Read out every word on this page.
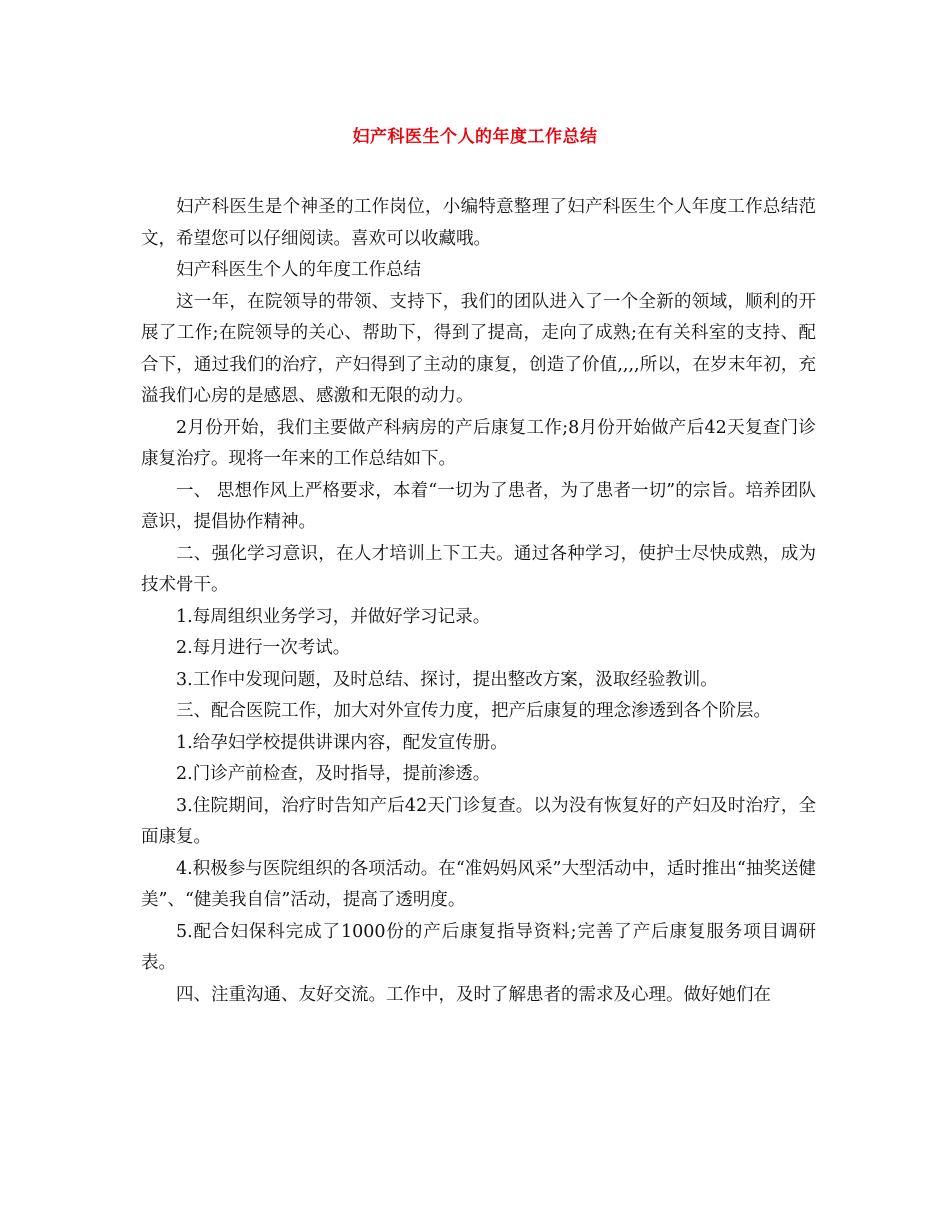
妇产科医生个人的年度工作总结

妇产科医生是个神圣的工作岗位，小编特意整理了妇产科医生个人年度工作总结范文，希望您可以仔细阅读。喜欢可以收藏哦。

妇产科医生个人的年度工作总结

这一年，在院领导的带领、支持下，我们的团队进入了一个全新的领域，顺利的开展了工作;在院领导的关心、帮助下，得到了提高，走向了成熟;在有关科室的支持、配合下，通过我们的治疗，产妇得到了主动的康复，创造了价值,,,,所以，在岁末年初，充溢我们心房的是感恩、感激和无限的动力。

2月份开始，我们主要做产科病房的产后康复工作;8月份开始做产后42天复查门诊康复治疗。现将一年来的工作总结如下。

一、 思想作风上严格要求，本着“一切为了患者，为了患者一切”的宗旨。培养团队意识，提倡协作精神。

二、强化学习意识，在人才培训上下工夫。通过各种学习，使护士尽快成熟，成为技术骨干。

1.每周组织业务学习，并做好学习记录。

2.每月进行一次考试。

3.工作中发现问题，及时总结、探讨，提出整改方案，汲取经验教训。

三、配合医院工作，加大对外宣传力度，把产后康复的理念渗透到各个阶层。

1.给孕妇学校提供讲课内容，配发宣传册。

2.门诊产前检查，及时指导，提前渗透。

3.住院期间，治疗时告知产后42天门诊复查。以为没有恢复好的产妇及时治疗，全面康复。

4.积极参与医院组织的各项活动。在“准妈妈风采”大型活动中，适时推出“抽奖送健美”、“健美我自信”活动，提高了透明度。

5.配合妇保科完成了1000份的产后康复指导资料;完善了产后康复服务项目调研表。

四、注重沟通、友好交流。工作中，及时了解患者的需求及心理。做好她们在
